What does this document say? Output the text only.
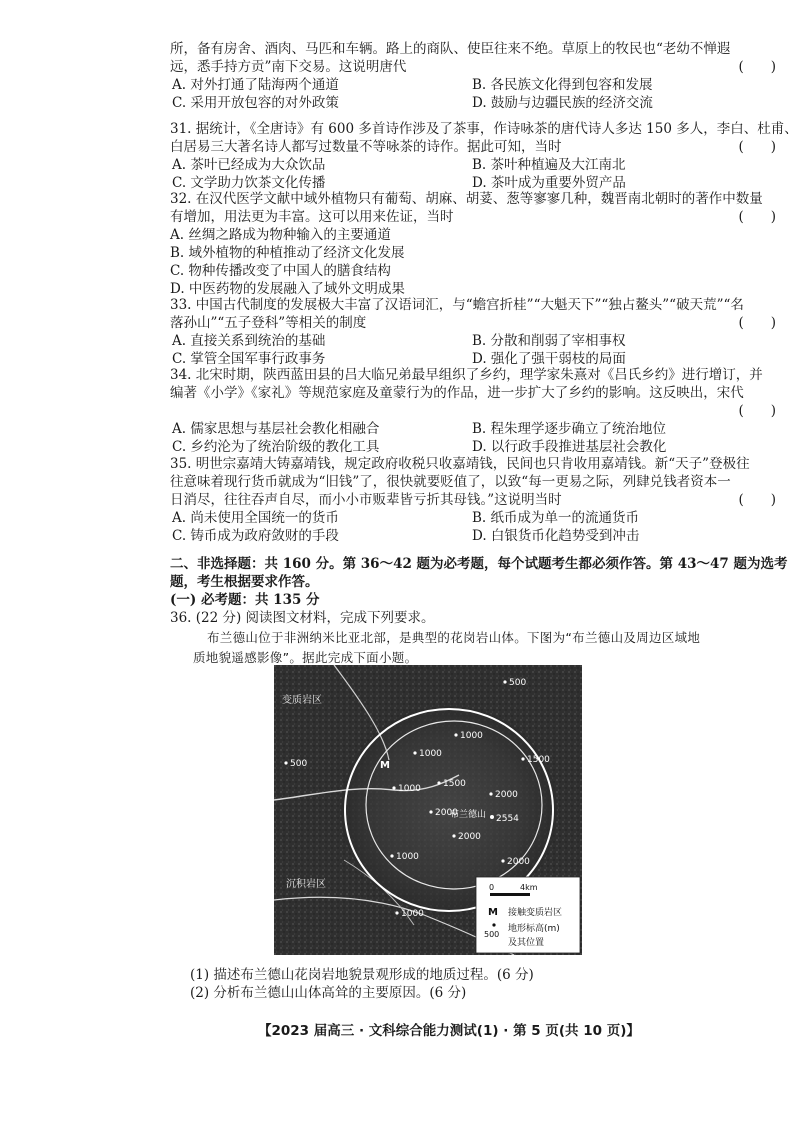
所，备有房舍、酒肉、马匹和车辆。路上的商队、使臣往来不绝。草原上的牧民也“老幼不惮遐
远，悉手持方贡”南下交易。这说明唐代	(　　)
A. 对外打通了陆海两个通道	B. 各民族文化得到包容和发展
C. 采用开放包容的对外政策	D. 鼓励与边疆民族的经济交流
31. 据统计，《全唐诗》有 600 多首诗作涉及了茶事，作诗咏茶的唐代诗人多达 150 多人，李白、杜甫、
白居易三大著名诗人都写过数量不等咏茶的诗作。据此可知，当时	(　　)
A. 茶叶已经成为大众饮品	B. 茶叶种植遍及大江南北
C. 文学助力饮茶文化传播	D. 茶叶成为重要外贸产品
32. 在汉代医学文献中域外植物只有葡萄、胡麻、胡荽、葱等寥寥几种，魏晋南北朝时的著作中数量
有增加，用法更为丰富。这可以用来佐证，当时	(　　)
A. 丝绸之路成为物种输入的主要通道
B. 域外植物的种植推动了经济文化发展
C. 物种传播改变了中国人的膳食结构
D. 中医药物的发展融入了域外文明成果
33. 中国古代制度的发展极大丰富了汉语词汇，与“蟾宫折桂”“大魁天下”“独占鳌头”“破天荒”“名
落孙山”“五子登科”等相关的制度	(　　)
A. 直接关系到统治的基础	B. 分散和削弱了宰相事权
C. 掌管全国军事行政事务	D. 强化了强干弱枝的局面
34. 北宋时期，陕西蓝田县的吕大临兄弟最早组织了乡约，理学家朱熹对《吕氏乡约》进行增订，并
编著《小学》《家礼》等规范家庭及童蒙行为的作品，进一步扩大了乡约的影响。这反映出，宋代
(　　)
A. 儒家思想与基层社会教化相融合	B. 程朱理学逐步确立了统治地位
C. 乡约沦为了统治阶级的教化工具	D. 以行政手段推进基层社会教化
35. 明世宗嘉靖大铸嘉靖钱，规定政府收税只收嘉靖钱，民间也只肯收用嘉靖钱。新“天子”登极往
往意味着现行货币就成为“旧钱”了，很快就要贬值了，以致“每一更易之际，列肆兑钱者资本一
日消尽，往往吞声自尽，而小小市贩辈皆亏折其母钱。”这说明当时	(　　)
A. 尚未使用全国统一的货币	B. 纸币成为单一的流通货币
C. 铸币成为政府敛财的手段	D. 白银货币化趋势受到冲击
二、非选择题：共 160 分。第 36～42 题为必考题，每个试题考生都必须作答。第 43～47 题为选考
题，考生根据要求作答。
(一) 必考题：共 135 分
36. (22 分) 阅读图文材料，完成下列要求。
布兰德山位于非洲纳米比亚北部，是典型的花岗岩山体。下图为“布兰德山及周边区域地
质地貌遥感影像”。据此完成下面小题。
变质岩区
沉积岩区
布兰德山 2554
M
500
500
1000
1000
1000
1000
1000
1500
1500
2000
2000
2000
2000
0	4km
M 接触变质岩区
500
地形标高(m)
及其位置
(1) 描述布兰德山花岗岩地貌景观形成的地质过程。(6 分)
(2) 分析布兰德山山体高耸的主要原因。(6 分)
【2023 届高三 · 文科综合能力测试(1) · 第 5 页(共 10 页)】
